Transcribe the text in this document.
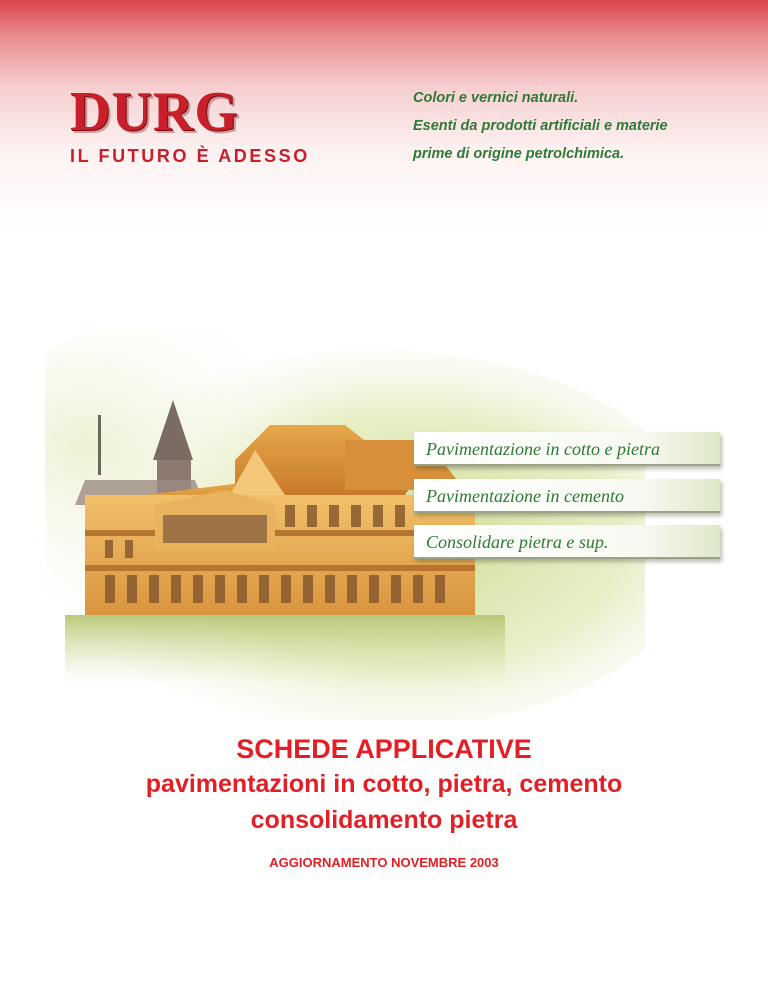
DURG
IL FUTURO È ADESSO
Colori e vernici naturali.
Esenti da prodotti artificiali e materie
prime di origine petrolchimica.
Pavimentazione in cotto e pietra
Pavimentazione in cemento
Consolidare pietra e sup.
SCHEDE APPLICATIVE
pavimentazioni in cotto, pietra, cemento
consolidamento pietra
AGGIORNAMENTO NOVEMBRE 2003
